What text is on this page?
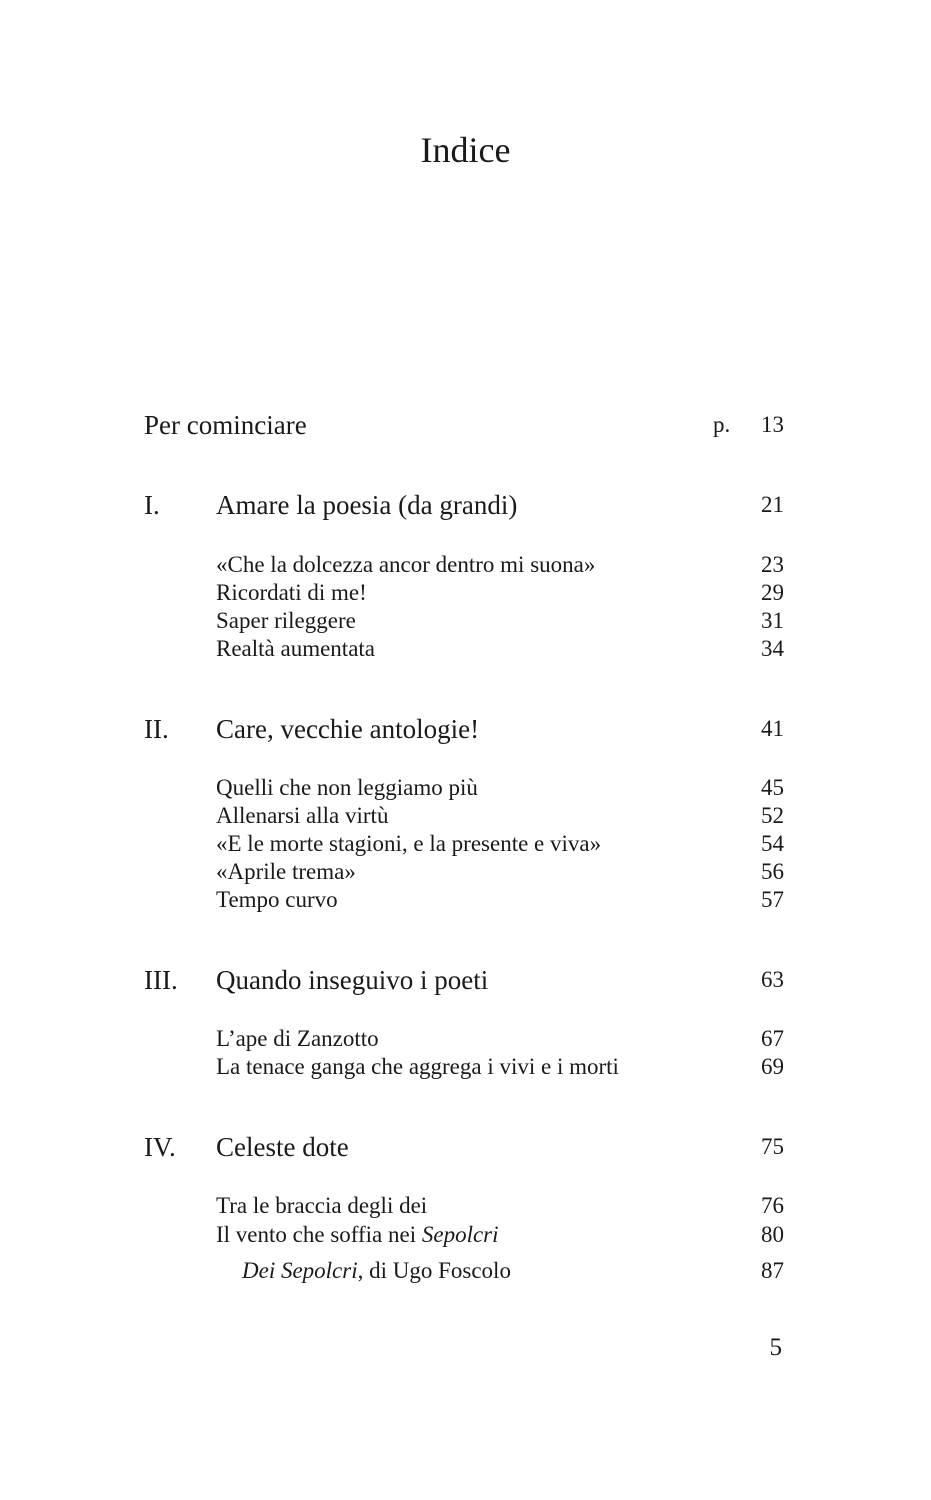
Indice
Per cominciare	p. 13
I. Amare la poesia (da grandi)	21
«Che la dolcezza ancor dentro mi suona»	23
Ricordati di me!	29
Saper rileggere	31
Realtà aumentata	34
II. Care, vecchie antologie!	41
Quelli che non leggiamo più	45
Allenarsi alla virtù	52
«E le morte stagioni, e la presente e viva»	54
«Aprile trema»	56
Tempo curvo	57
III. Quando inseguivo i poeti	63
L’ape di Zanzotto	67
La tenace ganga che aggrega i vivi e i morti	69
IV. Celeste dote	75
Tra le braccia degli dei	76
Il vento che soffia nei Sepolcri	80
Dei Sepolcri, di Ugo Foscolo	87
5
